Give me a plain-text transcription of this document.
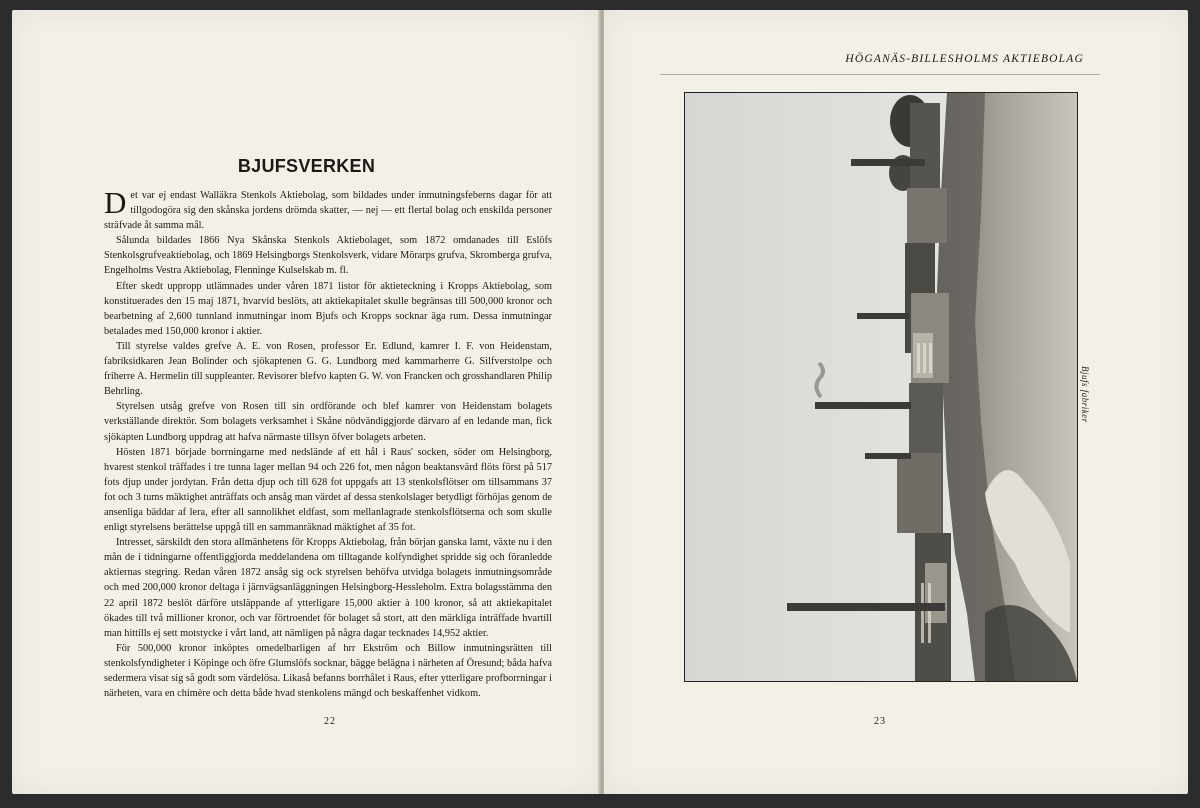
BJUFSVERKEN

Det var ej endast Walläkra Stenkols Aktiebolag, som bildades under inmutningsfeberns dagar för att tillgodogöra sig den skånska jordens drömda skatter, — nej — ett flertal bolag och enskilda personer sträfvade åt samma mål.

Sålunda bildades 1866 Nya Skånska Stenkols Aktiebolaget, som 1872 omdanades till Eslöfs Stenkolsgrufveaktiebolag, och 1869 Helsingborgs Stenkolsverk, vidare Mörarps grufva, Skromberga grufva, Engelholms Vestra Aktiebolag, Flenninge Kulselskab m. fl.

Efter skedt uppropp utlämnades under våren 1871 listor för aktieteckning i Kropps Aktiebolag, som konstituerades den 15 maj 1871, hvarvid beslöts, att aktiekapitalet skulle begränsas till 500,000 kronor och bearbetning af 2,600 tunnland inmutningar inom Bjufs och Kropps socknar äga rum. Dessa inmutningar betalades med 150,000 kronor i aktier.

Till styrelse valdes grefve A. E. von Rosen, professor Er. Edlund, kamrer I. F. von Heidenstam, fabriksidkaren Jean Bolinder och sjökaptenen G. G. Lundborg med kammarherre G. Silfverstolpe och friherre A. Hermelin till suppleanter. Revisorer blefvo kapten G. W. von Francken och grosshandlaren Philip Behrling.

Styrelsen utsåg grefve von Rosen till sin ordförande och blef kamrer von Heidenstam bolagets verkställande direktör. Som bolagets verksamhet i Skåne nödvändiggjorde därvaro af en ledande man, fick sjökapten Lundborg uppdrag att hafva närmaste tillsyn öfver bolagets arbeten.

Hösten 1871 började borrningarne med nedslände af ett hål i Raus' socken, söder om Helsingborg, hvarest stenkol träffades i tre tunna lager mellan 94 och 226 fot, men någon beaktansvärd flöts först på 517 fots djup under jordytan. Från detta djup och till 628 fot uppgafs att 13 stenkolsflötser om tillsammans 37 fot och 3 tums mäktighet anträffats och ansåg man värdet af dessa stenkolslager betydligt förhöjas genom de ansenliga bäddar af lera, efter all sannolikhet eldfast, som mellanlagrade stenkolsflötserna och som skulle enligt styrelsens berättelse uppgå till en sammanräknad mäktighet af 35 fot.

Intresset, särskildt den stora allmänhetens för Kropps Aktiebolag, från början ganska lamt, växte nu i den mån de i tidningarne offentliggjorda meddelandena om tilltagande kolfyndighet spridde sig och föranledde aktiernas stegring. Redan våren 1872 ansåg sig ock styrelsen behöfva utvidga bolagets inmutningsområde och med 200,000 kronor deltaga i järnvägsanläggningen Helsingborg-Hessleholm. Extra bolagsstämma den 22 april 1872 beslöt därföre utsläppande af ytterligare 15,000 aktier à 100 kronor, så att aktiekapitalet ökades till två millioner kronor, och var förtroendet för bolaget så stort, att den märkliga inträffade hvartill man hittills ej sett motstycke i vårt land, att nämligen på några dagar tecknades 14,952 aktier.

För 500,000 kronor inköptes omedelbarligen af hrr Ekström och Billow inmutningsrätten till stenkolsfyndigheter i Köpinge och öfre Glumslöfs socknar, bägge belägna i närheten af Öresund; båda hafva sedermera visat sig så godt som värdelösa. Likaså befanns borrhålet i Raus, efter ytterligare profborrningar i närheten, vara en chimère och detta både hvad stenkolens mängd och beskaffenhet vidkom.

22
HÖGANÄS-BILLESHOLMS AKTIEBOLAG
Bjufs fabriker
23
